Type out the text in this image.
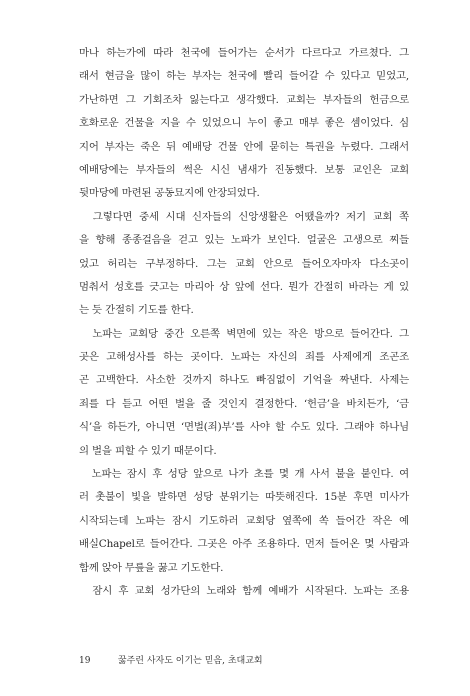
마나 하는가에 따라 천국에 들어가는 순서가 다르다고 가르쳤다. 그
래서 현금을 많이 하는 부자는 천국에 빨리 들어갈 수 있다고 믿었고,
가난하면 그 기회조차 잃는다고 생각했다. 교회는 부자들의 헌금으로
호화로운 건물을 지을 수 있었으니 누이 좋고 매부 좋은 셈이었다. 심
지어 부자는 죽은 뒤 예배당 건물 안에 묻히는 특권을 누렸다. 그래서
예배당에는 부자들의 썩은 시신 냄새가 진동했다. 보통 교인은 교회
뒷마당에 마련된 공동묘지에 안장되었다.
　그렇다면 중세 시대 신자들의 신앙생활은 어땠을까? 저기 교회 쪽
을 향해 종종걸음을 걷고 있는 노파가 보인다. 얼굴은 고생으로 찌들
었고 허리는 구부정하다. 그는 교회 안으로 들어오자마자 다소곳이
멈춰서 성호를 긋고는 마리아 상 앞에 선다. 뭔가 간절히 바라는 게 있
는 듯 간절히 기도를 한다.
　노파는 교회당 중간 오른쪽 벽면에 있는 작은 방으로 들어간다. 그
곳은 고해성사를 하는 곳이다. 노파는 자신의 죄를 사제에게 조곤조
곤 고백한다. 사소한 것까지 하나도 빠짐없이 기억을 짜낸다. 사제는
죄를 다 듣고 어떤 벌을 줄 것인지 결정한다. ‘헌금’을 바치든가, ‘금
식’을 하든가, 아니면 ‘면벌(죄)부’를 사야 할 수도 있다. 그래야 하나님
의 벌을 피할 수 있기 때문이다.
　노파는 잠시 후 성당 앞으로 나가 초를 몇 개 사서 불을 붙인다. 여
러 촛불이 빛을 발하면 성당 분위기는 따뜻해진다. 15분 후면 미사가
시작되는데 노파는 잠시 기도하러 교회당 옆쪽에 쏙 들어간 작은 예
배실Chapel로 들어간다. 그곳은 아주 조용하다. 먼저 들어온 몇 사람과
함께 앉아 무릎을 꿇고 기도한다.
　잠시 후 교회 성가단의 노래와 함께 예배가 시작된다. 노파는 조용
19	꿇주린 사자도 이기는 믿음, 초대교회
